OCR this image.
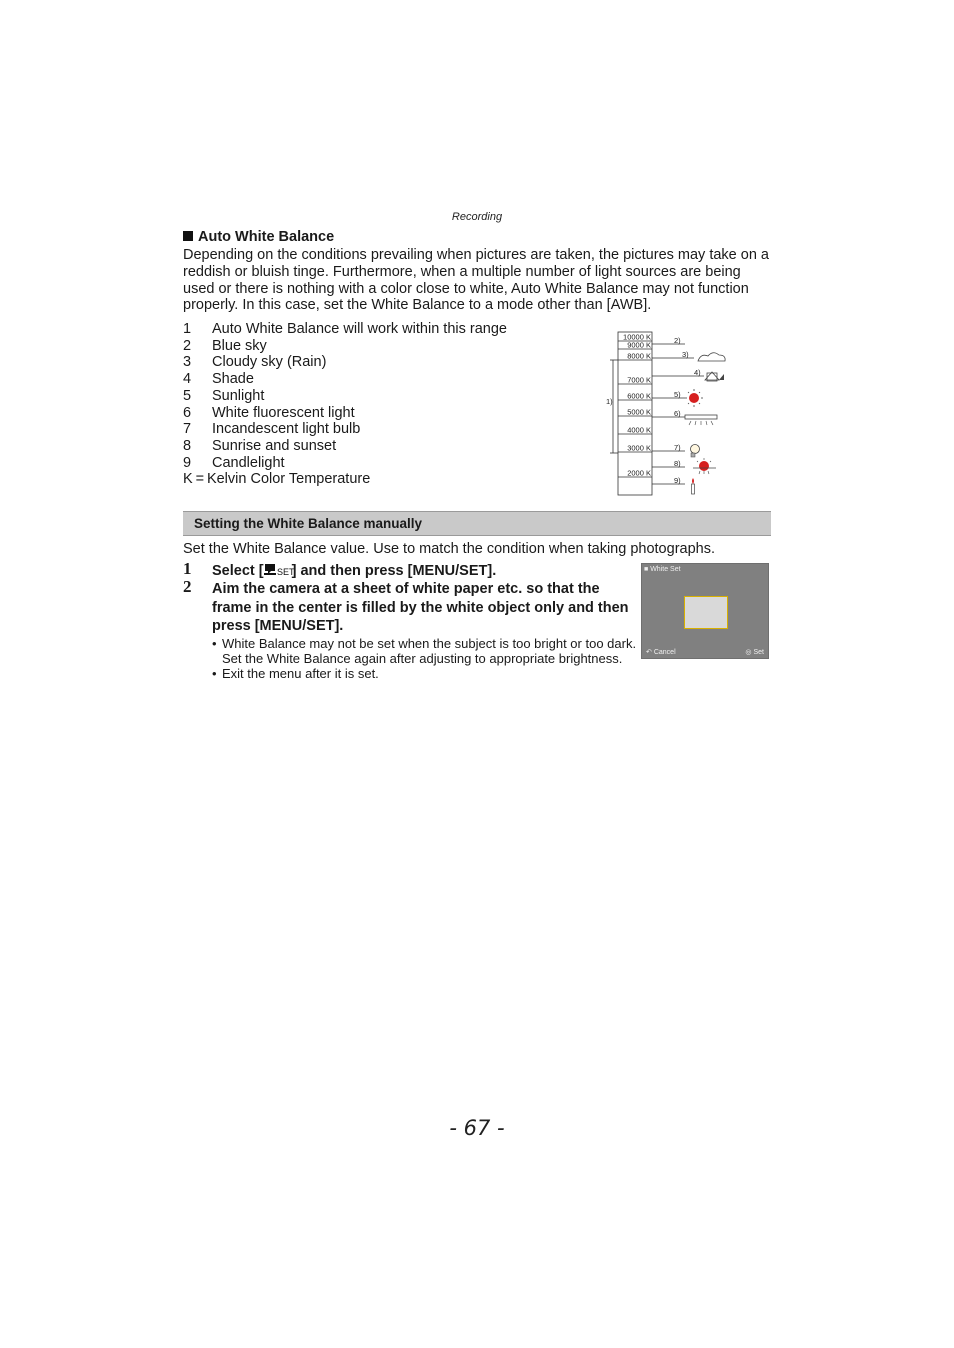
Recording
Auto White Balance
Depending on the conditions prevailing when pictures are taken, the pictures may take on a reddish or bluish tinge. Furthermore, when a multiple number of light sources are being used or there is nothing with a color close to white, Auto White Balance may not function properly. In this case, set the White Balance to a mode other than [AWB].
1 Auto White Balance will work within this range
2 Blue sky
3 Cloudy sky (Rain)
4 Shade
5 Sunlight
6 White fluorescent light
7 Incandescent light bulb
8 Sunrise and sunset
9 Candlelight
K = Kelvin Color Temperature
10000 K
9000 K
8000 K
7000 K
6000 K
5000 K
4000 K
3000 K
2000 K
1)
2)
3)
4)
5)
6)
7)
8)
9)
Setting the White Balance manually
Set the White Balance value. Use to match the condition when taking photographs.
1 Select [ SET
] and then press [MENU/SET].
2 Aim the camera at a sheet of white paper etc. so that the frame in the center is filled by the white object only and then press [MENU/SET].
• White Balance may not be set when the subject is too bright or too dark. Set the White Balance again after adjusting to appropriate brightness.
• Exit the menu after it is set.
■ White Set
↶ Cancel	◎ Set
- 67 -
